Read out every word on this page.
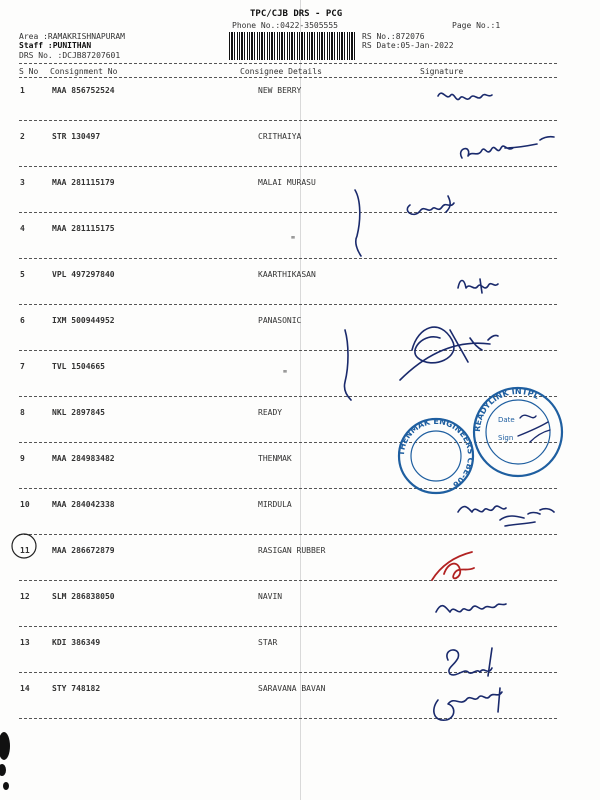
TPC/CJB DRS - PCG
Phone No.:0422-3505555	Page No.:1
Area :RAMAKRISHNAPURAM
Staff :PUNITHAN
DRS No. :DCJB87207601
RS No.:872076
RS Date:05-Jan-2022
S No Consignment No	Consignee Details	Signature
1	MAA 856752524	NEW BERRY
2	STR 130497	CRITHAIYA
3	MAA 281115179	MALAI MURASU
4	MAA 281115175
"
5	VPL 497297840	KAARTHIKASAN
6	IXM 500944952	PANASONIC
7	TVL 1504665
"
8	NKL 2897845	READY
9	MAA 284983482	THENMAK
10	MAA 284042338	MIRDULA
11	MAA 286672879	RASIGAN RUBBER
12	SLM 286838050	NAVIN
13	KDI 386349	STAR
14	STY 748182	SARAVANA BAVAN
THENMAK ENGINEERS CBE-06
READYLINK INTPL
Date
Sign
